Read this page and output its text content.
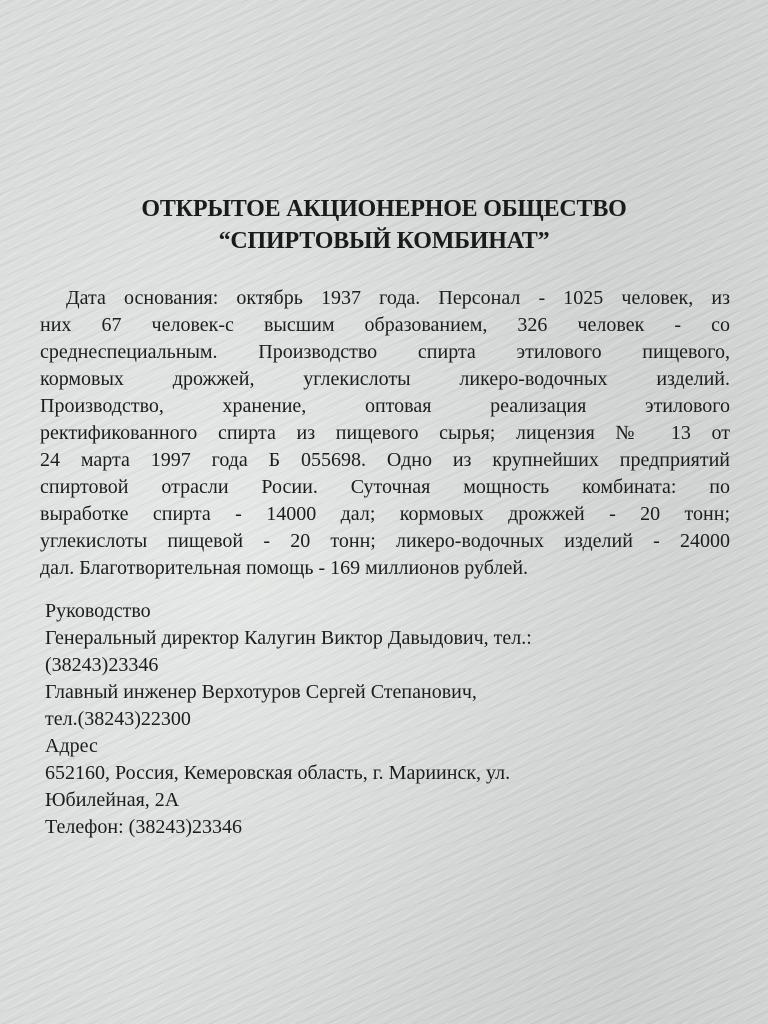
ОТКРЫТОЕ АКЦИОНЕРНОЕ ОБЩЕСТВО
“СПИРТОВЫЙ КОМБИНАТ”
Дата основания: октябрь 1937 года. Персонал - 1025 человек, из
них 67 человек-с высшим образованием, 326 человек - со
среднеспециальным. Производство спирта этилового пищевого,
кормовых дрожжей, углекислоты ликеро-водочных изделий.
Производство, хранение, оптовая реализация этилового
ректификованного спирта из пищевого сырья; лицензия № 13 от
24 марта 1997 года Б 055698. Одно из крупнейших предприятий
спиртовой отрасли Росии. Суточная мощность комбината: по
выработке спирта - 14000 дал; кормовых дрожжей - 20 тонн;
углекислоты пищевой - 20 тонн; ликеро-водочных изделий - 24000
дал. Благотворительная помощь - 169 миллионов рублей.
Руководство
Генеральный директор Калугин Виктор Давыдович, тел.:
(38243)23346
Главный инженер Верхотуров Сергей Степанович,
тел.(38243)22300
Адрес
652160, Россия, Кемеровская область, г. Мариинск, ул.
Юбилейная, 2А
Телефон: (38243)23346
